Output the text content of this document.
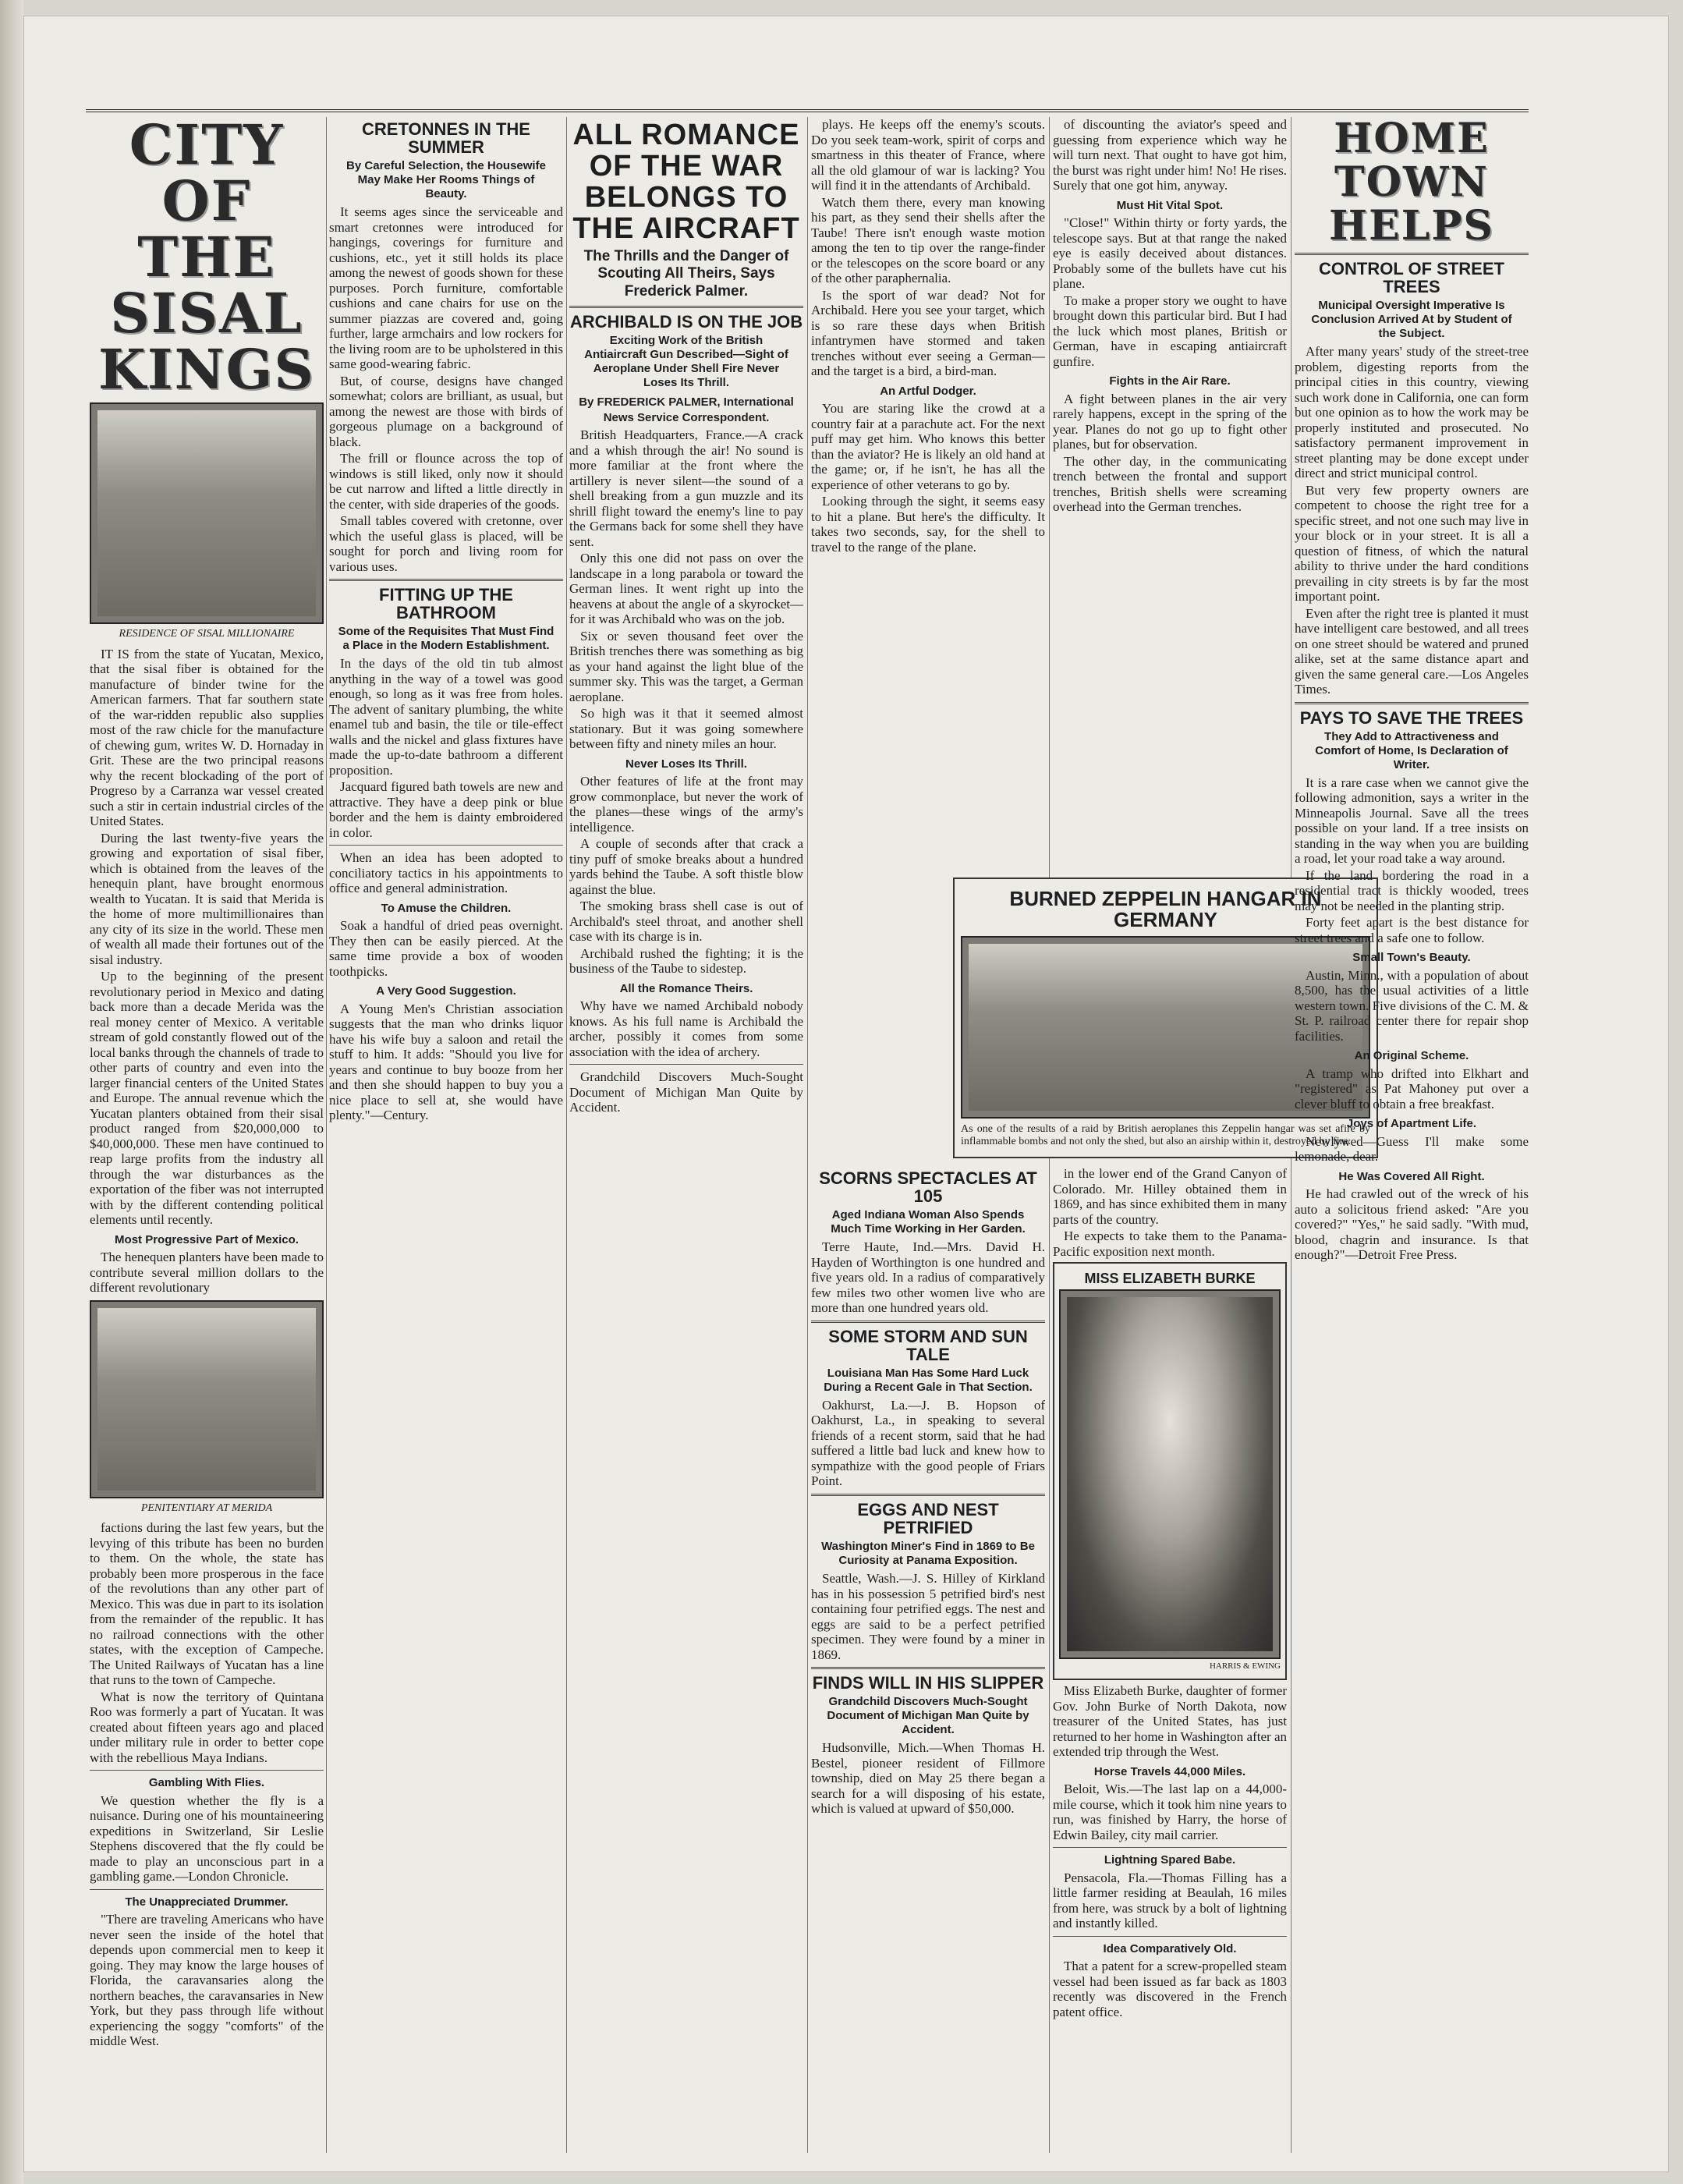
CITY OF THE SISAL KINGS
RESIDENCE OF SISAL MILLIONAIRE

IT IS from the state of Yucatan, Mexico, that the sisal fiber is obtained for the manufacture of binder twine for the American farmers. That far southern state of the war-ridden republic also supplies most of the raw chicle for the manufacture of chewing gum, writes W. D. Hornaday in Grit. These are the two principal reasons why the recent blockading of the port of Progreso by a Carranza war vessel created such a stir in certain industrial circles of the United States.

During the last twenty-five years the growing and exportation of sisal fiber, which is obtained from the leaves of the henequin plant, have brought enormous wealth to Yucatan. It is said that Merida is the home of more multimillionaires than any city of its size in the world. These men of wealth all made their fortunes out of the sisal industry.

Up to the beginning of the present revolutionary period in Mexico and dating back more than a decade Merida was the real money center of Mexico. A veritable stream of gold constantly flowed out of the local banks through the channels of trade to other parts of country and even into the larger financial centers of the United States and Europe. The annual revenue which the Yucatan planters obtained from their sisal product ranged from $20,000,000 to $40,000,000. These men have continued to reap large profits from the industry all through the war disturbances as the exportation of the fiber was not interrupted with by the different contending political elements until recently.

Most Progressive Part of Mexico.

The henequen planters have been made to contribute several million dollars to the different revolutionary

PENITENTIARY AT MERIDA

factions during the last few years, but the levying of this tribute has been no burden to them. On the whole, the state has probably been more prosperous in the face of the revolutions than any other part of Mexico. This was due in part to its isolation from the remainder of the republic. It has no railroad connections with the other states, with the exception of Campeche. The United Railways of Yucatan has a line that runs to the town of Campeche.

What is now the territory of Quintana Roo was formerly a part of Yucatan. It was created about fifteen years ago and placed under military rule in order to better cope with the rebellious Maya Indians.

Gambling With Flies.

We question whether the fly is a nuisance. During one of his mountaineering expeditions in Switzerland, Sir Leslie Stephens discovered that the fly could be made to play an unconscious part in a gambling game.—London Chronicle.

The Unappreciated Drummer.

"There are traveling Americans who have never seen the inside of the hotel that depends upon commercial men to keep it going. They may know the large houses of Florida, the caravansaries along the northern beaches, the caravansaries in New York, but they pass through life without experiencing the soggy "comforts" of the middle West.

CRETONNES IN THE SUMMER
By Careful Selection, the Housewife May Make Her Rooms Things of Beauty.

It seems ages since the serviceable and smart cretonnes were introduced for hangings, coverings for furniture and cushions, etc., yet it still holds its place among the newest of goods shown for these purposes. Porch furniture, comfortable cushions and cane chairs for use on the summer piazzas are covered and, going further, large armchairs and low rockers for the living room are to be upholstered in this same good-wearing fabric.

But, of course, designs have changed somewhat; colors are brilliant, as usual, but among the newest are those with birds of gorgeous plumage on a background of black.

The frill or flounce across the top of windows is still liked, only now it should be cut narrow and lifted a little directly in the center, with side draperies of the goods.

Small tables covered with cretonne, over which the useful glass is placed, will be sought for porch and living room for various uses.

FITTING UP THE BATHROOM
Some of the Requisites That Must Find a Place in the Modern Establishment.

In the days of the old tin tub almost anything in the way of a towel was good enough, so long as it was free from holes. The advent of sanitary plumbing, the white enamel tub and basin, the tile or tile-effect walls and the nickel and glass fixtures have made the up-to-date bathroom a different proposition.

Jacquard figured bath towels are new and attractive. They have a deep pink or blue border and the hem is dainty embroidered in color.

When an idea has been adopted to conciliatory tactics in his appointments to office and general administration.

To Amuse the Children.

Soak a handful of dried peas overnight. They then can be easily pierced. At the same time provide a box of wooden toothpicks.

A Very Good Suggestion.

A Young Men's Christian association suggests that the man who drinks liquor have his wife buy a saloon and retail the stuff to him. It adds: "Should you live for years and continue to buy booze from her and then she should happen to buy you a nice place to sell at, she would have plenty."—Century.

ALL ROMANCE OF THE WAR BELONGS TO THE AIRCRAFT
The Thrills and the Danger of Scouting All Theirs, Says Frederick Palmer.
ARCHIBALD IS ON THE JOB
Exciting Work of the British Antiaircraft Gun Described—Sight of Aeroplane Under Shell Fire Never Loses Its Thrill.
By FREDERICK PALMER, International News Service Correspondent.

British Headquarters, France.—A crack and a whish through the air! No sound is more familiar at the front where the artillery is never silent—the sound of a shell breaking from a gun muzzle and its shrill flight toward the enemy's line to pay the Germans back for some shell they have sent.

Only this one did not pass on over the landscape in a long parabola or toward the German lines. It went right up into the heavens at about the angle of a skyrocket—for it was Archibald who was on the job.

Six or seven thousand feet over the British trenches there was something as big as your hand against the light blue of the summer sky. This was the target, a German aeroplane.

So high was it that it seemed almost stationary. But it was going somewhere between fifty and ninety miles an hour.

Never Loses Its Thrill.

Other features of life at the front may grow commonplace, but never the work of the planes—these wings of the army's intelligence.

A couple of seconds after that crack a tiny puff of smoke breaks about a hundred yards behind the Taube. A soft thistle blow against the blue.

The smoking brass shell case is out of Archibald's steel throat, and another shell case with its charge is in.

Archibald rushed the fighting; it is the business of the Taube to sidestep.

All the Romance Theirs.

Why have we named Archibald nobody knows. As his full name is Archibald the archer, possibly it comes from some association with the idea of archery.

Grandchild Discovers Much-Sought Document of Michigan Man Quite by Accident.

plays. He keeps off the enemy's scouts. Do you seek team-work, spirit of corps and smartness in this theater of France, where all the old glamour of war is lacking? You will find it in the attendants of Archibald.

Watch them there, every man knowing his part, as they send their shells after the Taube! There isn't enough waste motion among the ten to tip over the range-finder or the telescopes on the score board or any of the other paraphernalia.

Is the sport of war dead? Not for Archibald. Here you see your target, which is so rare these days when British infantrymen have stormed and taken trenches without ever seeing a German—and the target is a bird, a bird-man.

An Artful Dodger.

You are staring like the crowd at a country fair at a parachute act. For the next puff may get him. Who knows this better than the aviator? He is likely an old hand at the game; or, if he isn't, he has all the experience of other veterans to go by.

Looking through the sight, it seems easy to hit a plane. But here's the difficulty. It takes two seconds, say, for the shell to travel to the range of the plane.

BURNED ZEPPELIN HANGAR IN GERMANY
As one of the results of a raid by British aeroplanes this Zeppelin hangar was set afire by inflammable bombs and not only the shed, but also an airship within it, destroyed by fire.
SCORNS SPECTACLES AT 105
Aged Indiana Woman Also Spends Much Time Working in Her Garden.

Terre Haute, Ind.—Mrs. David H. Hayden of Worthington is one hundred and five years old. In a radius of comparatively few miles two other women live who are more than one hundred years old.

SOME STORM AND SUN TALE
Louisiana Man Has Some Hard Luck During a Recent Gale in That Section.

Oakhurst, La.—J. B. Hopson of Oakhurst, La., in speaking to several friends of a recent storm, said that he had suffered a little bad luck and knew how to sympathize with the good people of Friars Point.

EGGS AND NEST PETRIFIED
Washington Miner's Find in 1869 to Be Curiosity at Panama Exposition.

Seattle, Wash.—J. S. Hilley of Kirkland has in his possession 5 petrified bird's nest containing four petrified eggs. The nest and eggs are said to be a perfect petrified specimen. They were found by a miner in 1869.

FINDS WILL IN HIS SLIPPER
Grandchild Discovers Much-Sought Document of Michigan Man Quite by Accident.

Hudsonville, Mich.—When Thomas H. Bestel, pioneer resident of Fillmore township, died on May 25 there began a search for a will disposing of his estate, which is valued at upward of $50,000.

of discounting the aviator's speed and guessing from experience which way he will turn next. That ought to have got him, the burst was right under him! No! He rises. Surely that one got him, anyway.

Must Hit Vital Spot.

"Close!" Within thirty or forty yards, the telescope says. But at that range the naked eye is easily deceived about distances. Probably some of the bullets have cut his plane.

To make a proper story we ought to have brought down this particular bird. But I had the luck which most planes, British or German, have in escaping antiaircraft gunfire.

Fights in the Air Rare.

A fight between planes in the air very rarely happens, except in the spring of the year. Planes do not go up to fight other planes, but for observation.

The other day, in the communicating trench between the frontal and support trenches, British shells were screaming overhead into the German trenches.

in the lower end of the Grand Canyon of Colorado. Mr. Hilley obtained them in 1869, and has since exhibited them in many parts of the country.

He expects to take them to the Panama-Pacific exposition next month.

MISS ELIZABETH BURKE
HARRIS & EWING

Miss Elizabeth Burke, daughter of former Gov. John Burke of North Dakota, now treasurer of the United States, has just returned to her home in Washington after an extended trip through the West.

Horse Travels 44,000 Miles.

Beloit, Wis.—The last lap on a 44,000-mile course, which it took him nine years to run, was finished by Harry, the horse of Edwin Bailey, city mail carrier.

Lightning Spared Babe.

Pensacola, Fla.—Thomas Filling has a little farmer residing at Beaulah, 16 miles from here, was struck by a bolt of lightning and instantly killed.

Idea Comparatively Old.

That a patent for a screw-propelled steam vessel had been issued as far back as 1803 recently was discovered in the French patent office.

HOME TOWN HELPS
CONTROL OF STREET TREES
Municipal Oversight Imperative Is Conclusion Arrived At by Student of the Subject.

After many years' study of the street-tree problem, digesting reports from the principal cities in this country, viewing such work done in California, one can form but one opinion as to how the work may be properly instituted and prosecuted. No satisfactory permanent improvement in street planting may be done except under direct and strict municipal control.

But very few property owners are competent to choose the right tree for a specific street, and not one such may live in your block or in your street. It is all a question of fitness, of which the natural ability to thrive under the hard conditions prevailing in city streets is by far the most important point.

Even after the right tree is planted it must have intelligent care bestowed, and all trees on one street should be watered and pruned alike, set at the same distance apart and given the same general care.—Los Angeles Times.

PAYS TO SAVE THE TREES
They Add to Attractiveness and Comfort of Home, Is Declaration of Writer.

It is a rare case when we cannot give the following admonition, says a writer in the Minneapolis Journal. Save all the trees possible on your land. If a tree insists on standing in the way when you are building a road, let your road take a way around.

If the land bordering the road in a residential tract is thickly wooded, trees may not be needed in the planting strip.

Forty feet apart is the best distance for street trees and a safe one to follow.

Small Town's Beauty.

Austin, Minn., with a population of about 8,500, has the usual activities of a little western town. Five divisions of the C. M. & St. P. railroad center there for repair shop facilities.

An Original Scheme.

A tramp who drifted into Elkhart and "registered" as Pat Mahoney put over a clever bluff to obtain a free breakfast.

Joys of Apartment Life.

Newlywed—Guess I'll make some lemonade, dear.

He Was Covered All Right.

He had crawled out of the wreck of his auto a solicitous friend asked: "Are you covered?" "Yes," he said sadly. "With mud, blood, chagrin and insurance. Is that enough?"—Detroit Free Press.
